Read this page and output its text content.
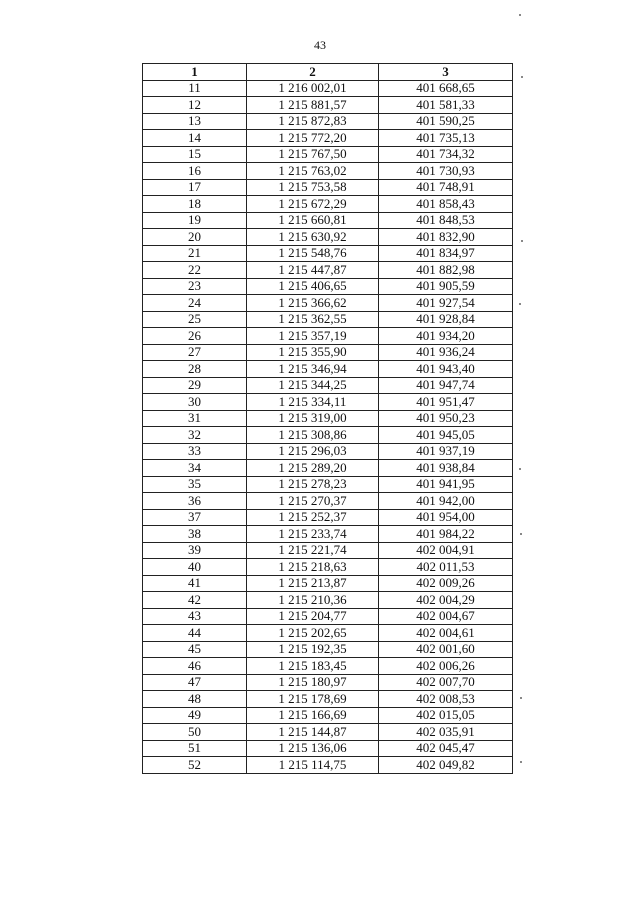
43
1	2	3
11	1 216 002,01	401 668,65
12	1 215 881,57	401 581,33
13	1 215 872,83	401 590,25
14	1 215 772,20	401 735,13
15	1 215 767,50	401 734,32
16	1 215 763,02	401 730,93
17	1 215 753,58	401 748,91
18	1 215 672,29	401 858,43
19	1 215 660,81	401 848,53
20	1 215 630,92	401 832,90
21	1 215 548,76	401 834,97
22	1 215 447,87	401 882,98
23	1 215 406,65	401 905,59
24	1 215 366,62	401 927,54
25	1 215 362,55	401 928,84
26	1 215 357,19	401 934,20
27	1 215 355,90	401 936,24
28	1 215 346,94	401 943,40
29	1 215 344,25	401 947,74
30	1 215 334,11	401 951,47
31	1 215 319,00	401 950,23
32	1 215 308,86	401 945,05
33	1 215 296,03	401 937,19
34	1 215 289,20	401 938,84
35	1 215 278,23	401 941,95
36	1 215 270,37	401 942,00
37	1 215 252,37	401 954,00
38	1 215 233,74	401 984,22
39	1 215 221,74	402 004,91
40	1 215 218,63	402 011,53
41	1 215 213,87	402 009,26
42	1 215 210,36	402 004,29
43	1 215 204,77	402 004,67
44	1 215 202,65	402 004,61
45	1 215 192,35	402 001,60
46	1 215 183,45	402 006,26
47	1 215 180,97	402 007,70
48	1 215 178,69	402 008,53
49	1 215 166,69	402 015,05
50	1 215 144,87	402 035,91
51	1 215 136,06	402 045,47
52	1 215 114,75	402 049,82
